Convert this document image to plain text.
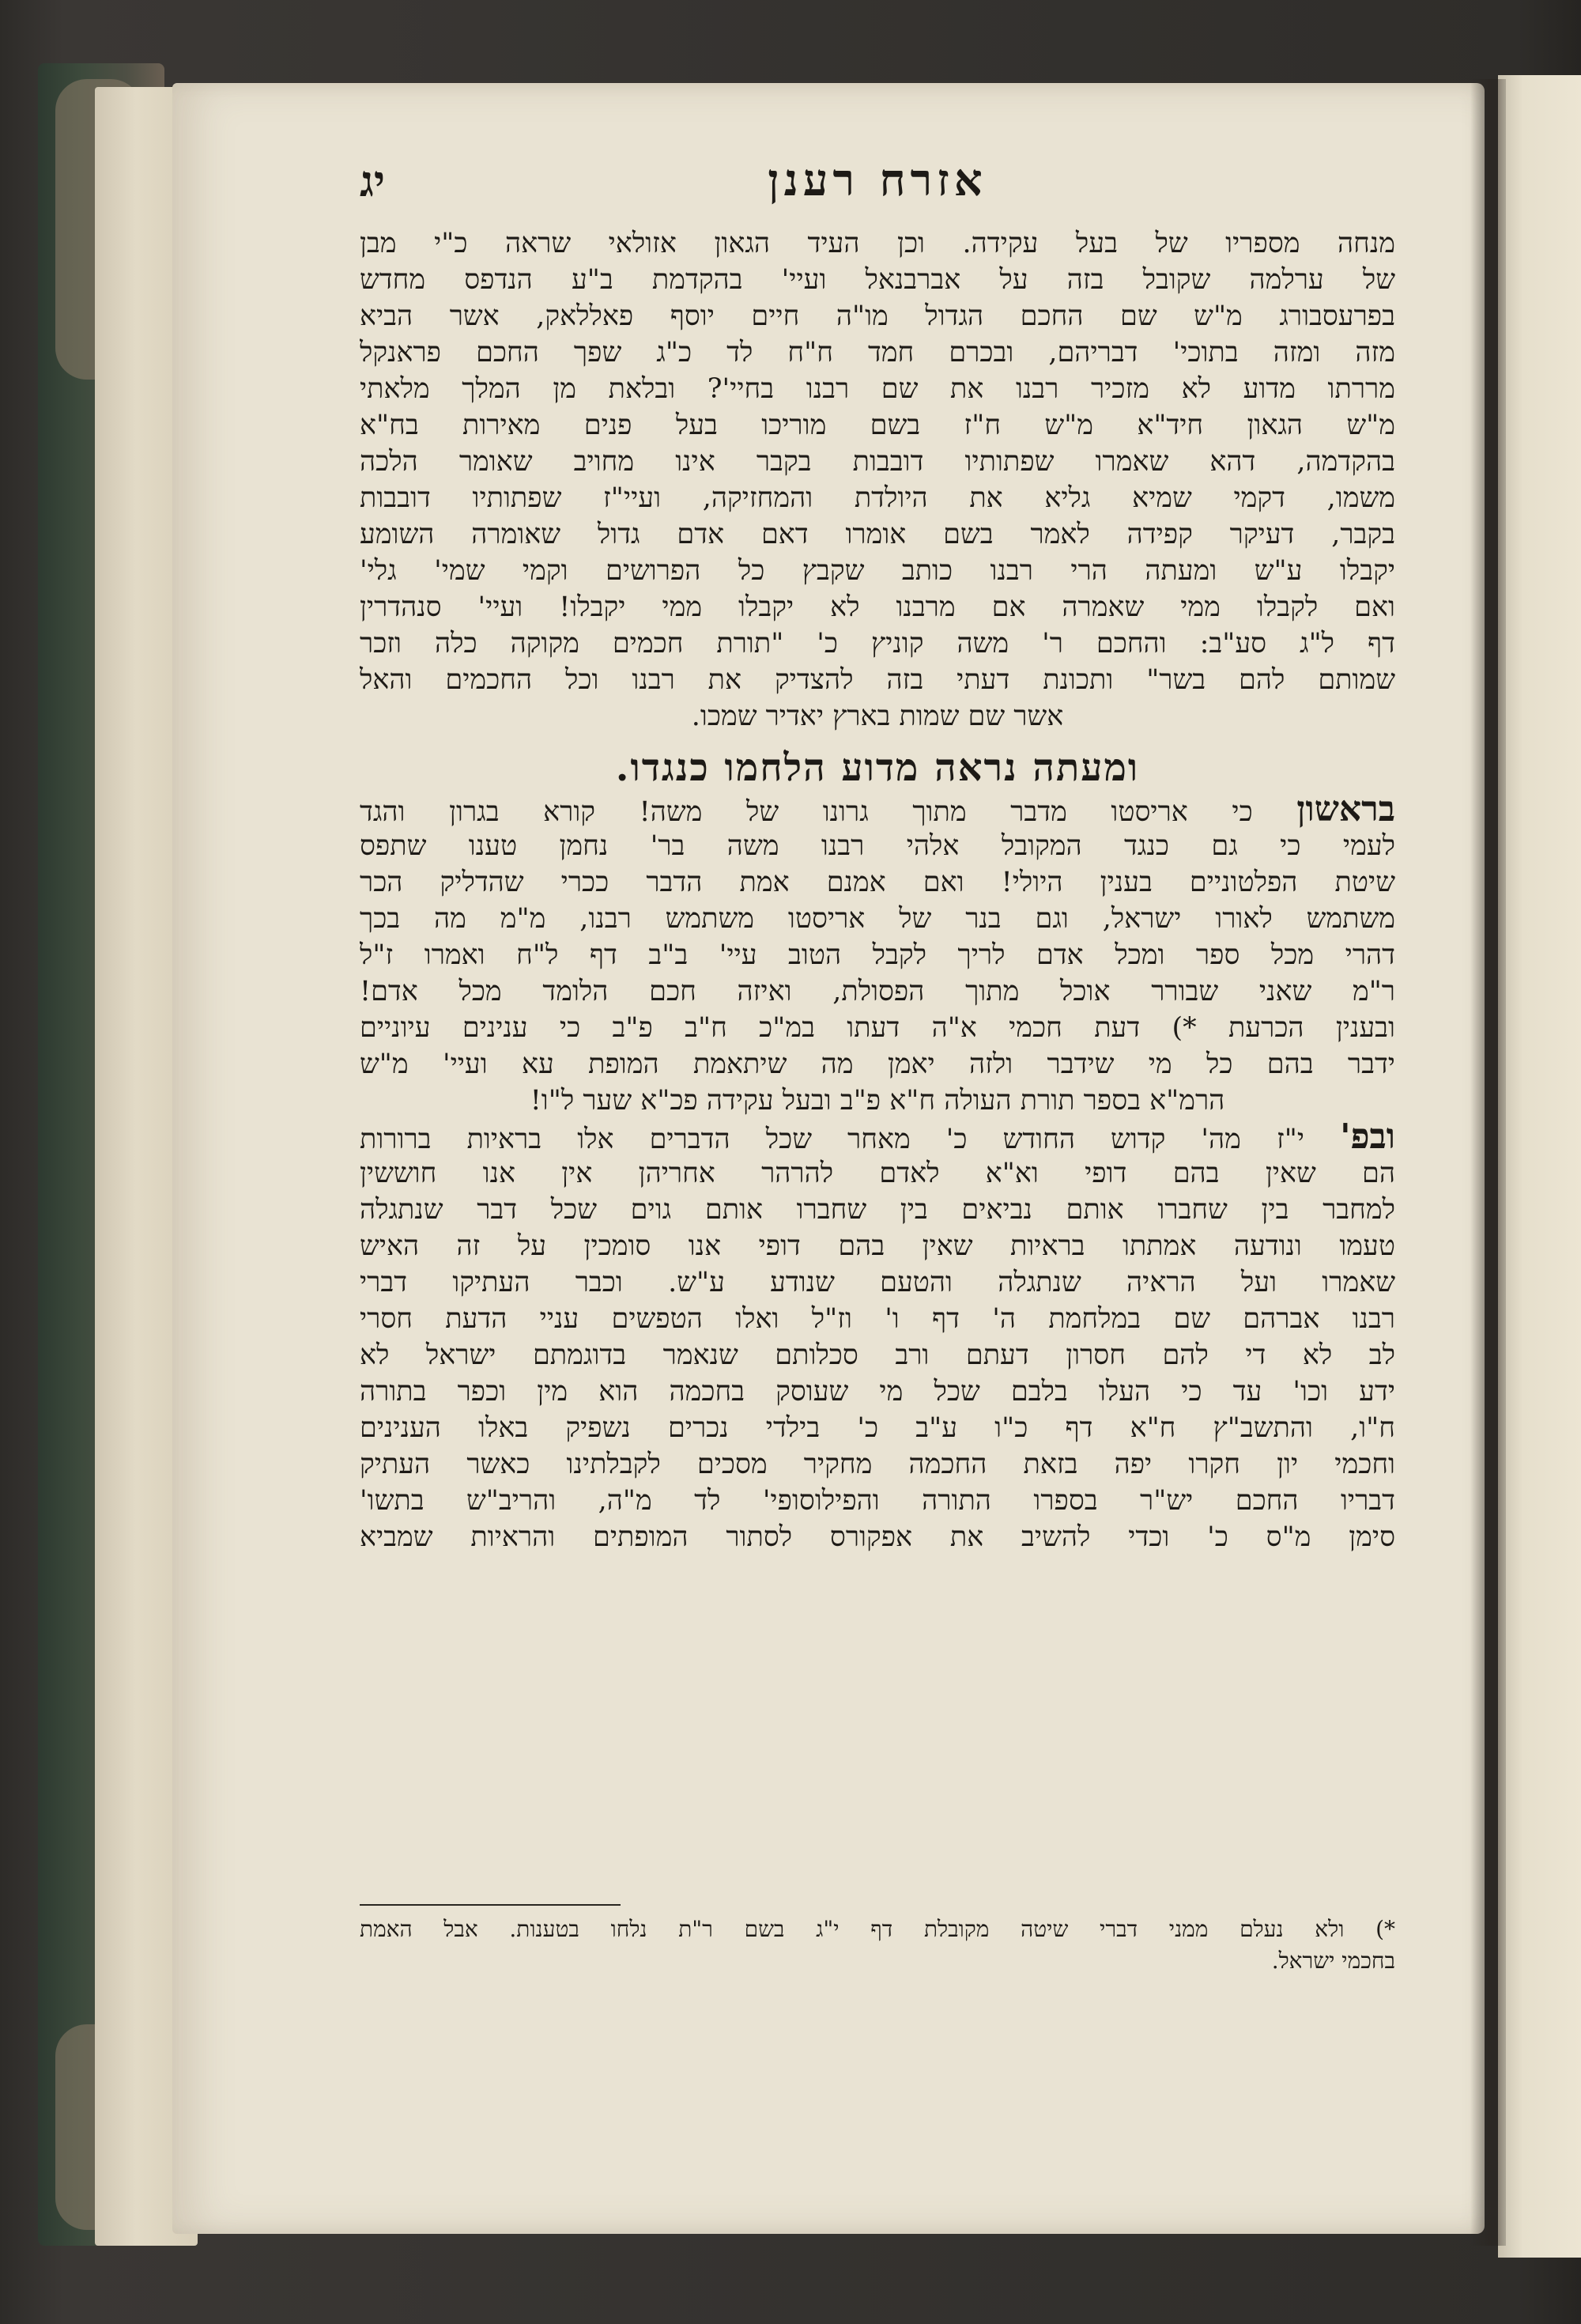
אזרח רענן
יג
מנחה מספריו של בעל עקידה. וכן העיד הגאון אזולאי שראה כ"י מבן
של ערלמה שקובל בזה על אברבנאל ועיי' בהקדמת ב"ע הנדפס מחדש
בפרעסבורג מ"ש שם החכם הגדול מו"ה חיים יוסף פאללאק, אשר הביא
מזה ומזה בתוכי' דבריהם, ובכרם חמד ח"ח לד כ"ג שפך החכם פראנקל
מררתו מדוע לא מזכיר רבנו את שם רבנו בחיי'? ובלאת מן המלך מלאתי
מ"ש הגאון חיד"א מ"ש ח"ז בשם מוריכו בעל פנים מאירות בח"א
בהקדמה, דהא שאמרו שפתותיו דובבות בקבר אינו מחויב שאומר הלכה
משמו, דקמי שמיא גליא את היולדת והמחזיקה, ועיי"ז שפתותיו דובבות
בקבר, דעיקר קפידה לאמר בשם אומרו דאם אדם גדול שאומרה השומע
יקבלו ע"ש ומעתה הרי רבנו כותב שקבץ כל הפרושים וקמי שמי' גלי'
ואם לקבלו ממי שאמרה אם מרבנו לא יקבלו ממי יקבלו! ועיי' סנהדרין
דף ל"ג סע"ב: והחכם ר' משה קוניץ כ' "תורת חכמים מקוקה כלה וזכר
שמותם להם בשר" ותכונת דעתי בזה להצדיק את רבנו וכל החכמים והאל
אשר שם שמות בארץ יאדיר שמכו.
ומעתה נראה מדוע הלחמו כנגדו.
בראשון כי אריסטו מדבר מתוך גרונו של משה! קורא בגרון והגד
לעמי כי גם כנגד המקובל אלהי רבנו משה בר' נחמן טענו שתפס
שיטת הפלטוניים בענין היולי! ואם אמנם אמת הדבר ככרי שהדליק הכר
משתמש לאורו ישראל, וגם בנר של אריסטו משתמש רבנו, מ"מ מה בכך
דהרי מכל ספר ומכל אדם לריך לקבל הטוב עיי' ב"ב דף ל"ח ואמרו ז"ל
ר"מ שאני שבורר אוכל מתוך הפסולת, ואיזה חכם הלומד מכל אדם!
ובענין הכרעת *) דעת חכמי א"ה דעתו במ"כ ח"ב פ"ב כי ענינים עיוניים
ידבר בהם כל מי שידבר ולזה יאמן מה שיתאמת המופת עא ועיי' מ"ש
הרמ"א בספר תורת העולה ח"א פ"ב ובעל עקידה פכ"א שער ל"ו!
ובפ' י"ז מה' קדוש החודש כ' מאחר שכל הדברים אלו בראיות ברורות
הם שאין בהם דופי וא"א לאדם להרהר אחריהן אין אנו חוששין
למחבר בין שחברו אותם נביאים בין שחברו אותם גוים שכל דבר שנתגלה
טעמו ונודעה אמתתו בראיות שאין בהם דופי אנו סומכין על זה האיש
שאמרו ועל הראיה שנתגלה והטעם שנודע ע"ש. וכבר העתיקו דברי
רבנו אברהם שם במלחמת ה' דף ו' וז"ל ואלו הטפשים עניי הדעת חסרי
לב לא די להם חסרון דעתם ורב סכלותם שנאמר בדוגמתם ישראל לא
ידע וכו' עד כי העלו בלבם שכל מי שעוסק בחכמה הוא מין וכפר בתורה
ח"ו, והתשב"ץ ח"א דף כ"ו ע"ב כ' בילדי נכרים נשפיק באלו הענינים
וחכמי יון חקרו יפה בזאת החכמה מחקיר מסכים לקבלתינו כאשר העתיק
דבריו החכם יש"ר בספרו התורה והפילוסופי' לד מ"ה, והריב"ש בתשו'
סימן מ"ס כ' וכדי להשיב את אפקורס לסתור המופתים והראיות שמביא
*) ולא נעלם ממני דברי שיטה מקובלת דף י"ג בשם ר"ת נלחו בטענות. אבל האמת
בחכמי ישראל.
